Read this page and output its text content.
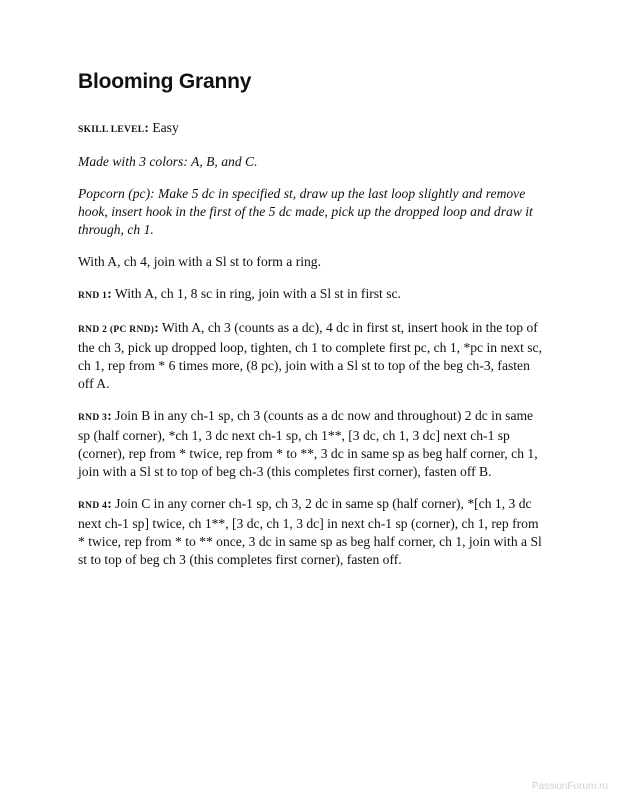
Blooming Granny

SKILL LEVEL: Easy

Made with 3 colors: A, B, and C.

Popcorn (pc): Make 5 dc in specified st, draw up the last loop slightly and remove hook, insert hook in the first of the 5 dc made, pick up the dropped loop and draw it through, ch 1.

With A, ch 4, join with a Sl st to form a ring.

RND 1: With A, ch 1, 8 sc in ring, join with a Sl st in first sc.

RND 2 (PC RND): With A, ch 3 (counts as a dc), 4 dc in first st, insert hook in the top of the ch 3, pick up dropped loop, tighten, ch 1 to complete first pc, ch 1, *pc in next sc, ch 1, rep from * 6 times more, (8 pc), join with a Sl st to top of the beg ch-3, fasten off A.

RND 3: Join B in any ch-1 sp, ch 3 (counts as a dc now and throughout) 2 dc in same sp (half corner), *ch 1, 3 dc next ch-1 sp, ch 1**, [3 dc, ch 1, 3 dc] next ch-1 sp (corner), rep from * twice, rep from * to **, 3 dc in same sp as beg half corner, ch 1, join with a Sl st to top of beg ch-3 (this completes first corner), fasten off B.

RND 4: Join C in any corner ch-1 sp, ch 3, 2 dc in same sp (half corner), *[ch 1, 3 dc next ch-1 sp] twice, ch 1**, [3 dc, ch 1, 3 dc] in next ch-1 sp (corner), ch 1, rep from * twice, rep from * to ** once, 3 dc in same sp as beg half corner, ch 1, join with a Sl st to top of beg ch 3 (this completes first corner), fasten off.

PassionForum.ru
